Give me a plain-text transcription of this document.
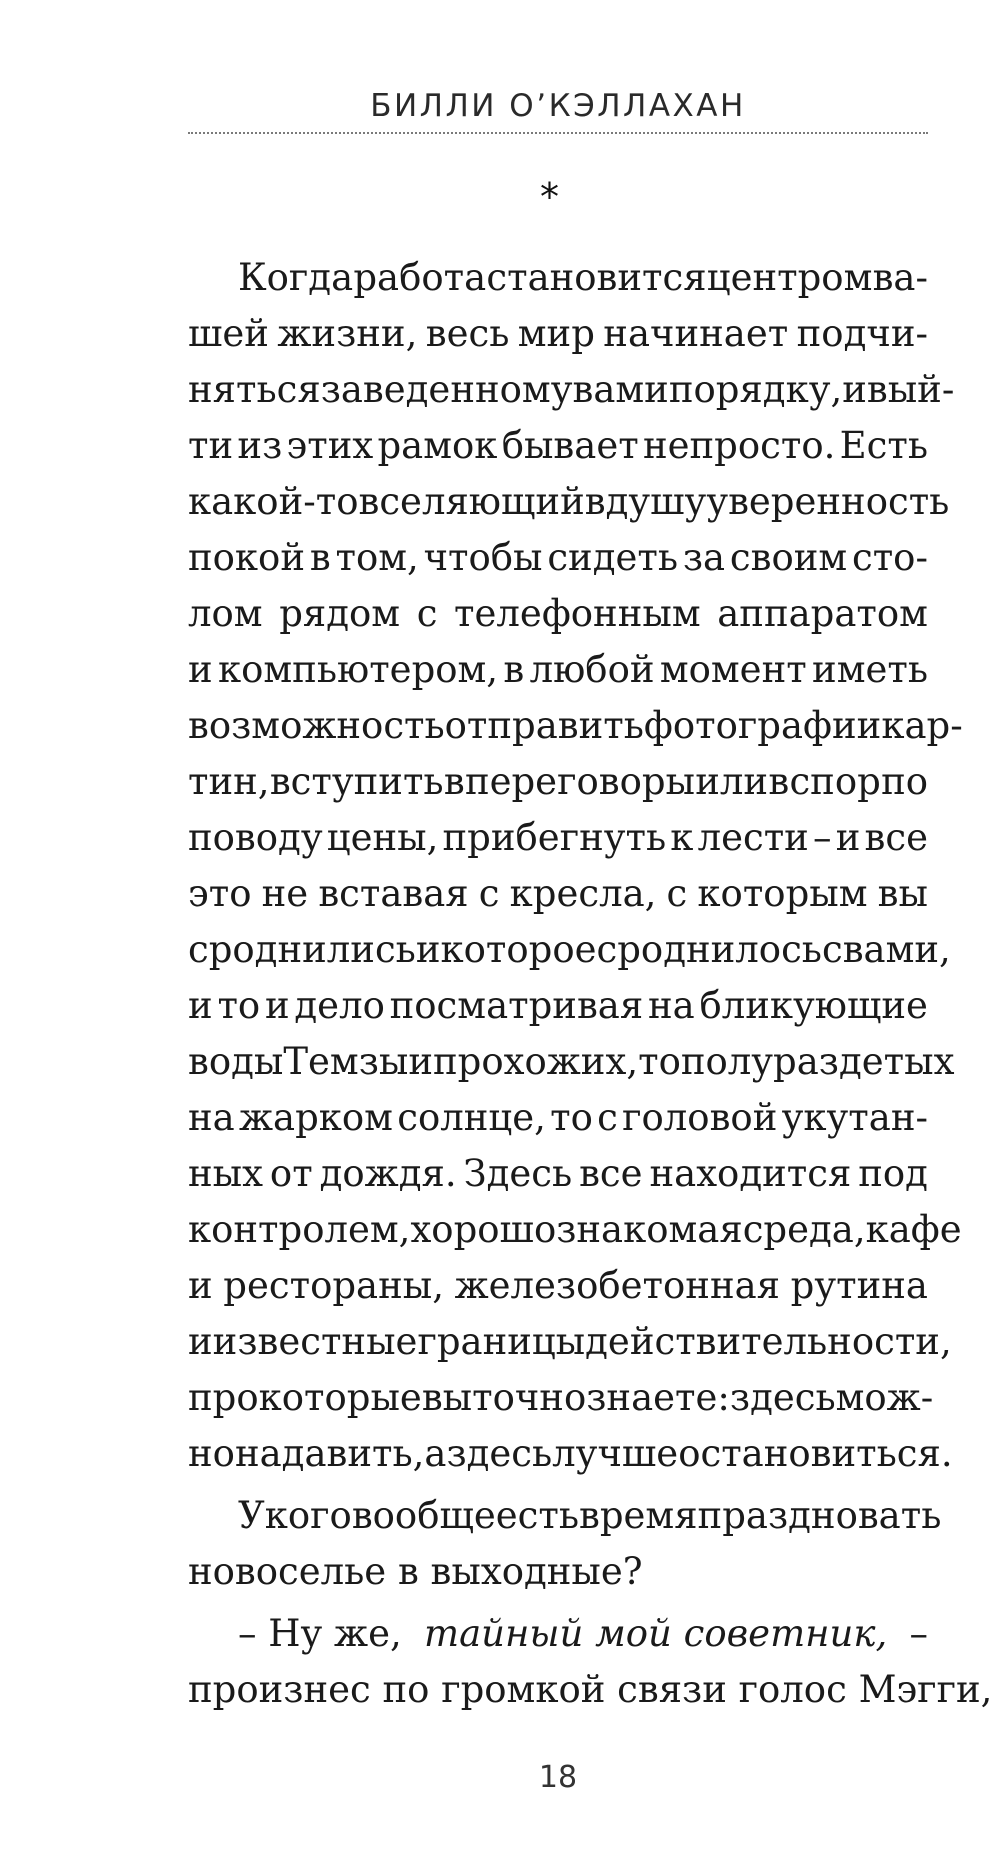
БИЛЛИ О’КЭЛЛАХАН
*
Когда работа становится центром ва-
шей жизни, весь мир начинает подчи-
няться заведенному вами порядку, и вый-
ти из этих рамок бывает непросто. Есть
какой-то вселяющий в душу уверенность
покой в том, чтобы сидеть за своим сто-
лом рядом с телефонным аппаратом
и компьютером, в любой момент иметь
возможность отправить фотографии кар-
тин, вступить в переговоры или в спор по
поводу цены, прибегнуть к лести – и все
это не вставая с кресла, с которым вы
сроднились и которое сроднилось с вами,
и то и дело посматривая на бликующие
воды Темзы и прохожих, то полураздетых
на жарком солнце, то с головой укутан-
ных от дождя. Здесь все находится под
контролем, хорошо знакомая среда, кафе
и рестораны, железобетонная рутина
и известные границы действительности,
про которые вы точно знаете: здесь мож-
но надавить, а здесь лучше остановиться.
У кого вообще есть время праздновать
новоселье в выходные?
– Ну же, тайный мой советник, –
произнес по громкой связи голос Мэгги,
18
